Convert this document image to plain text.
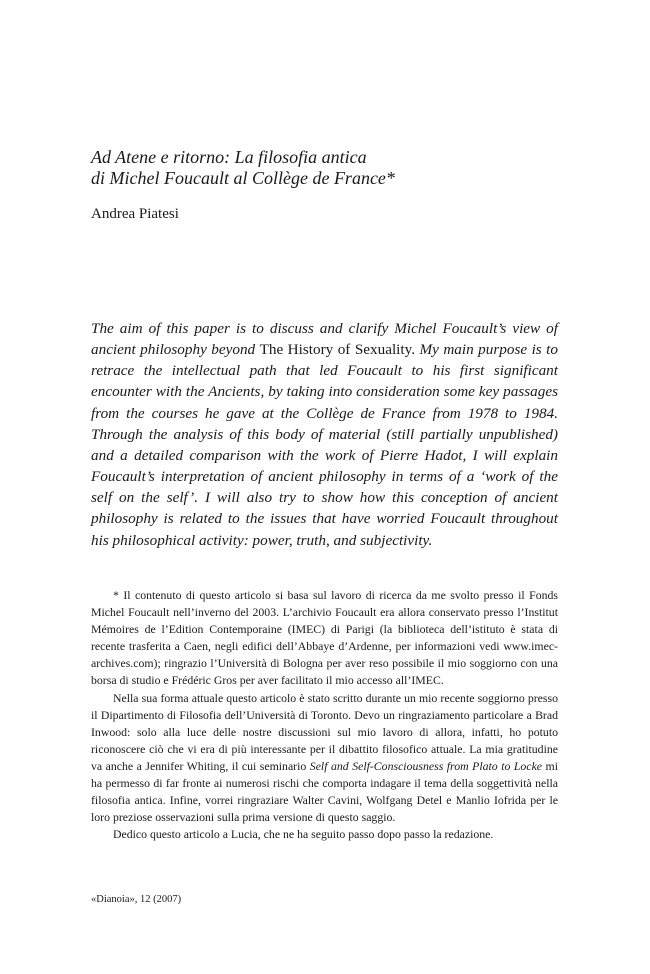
Ad Atene e ritorno: La filosofia antica
di Michel Foucault al Collège de France*
Andrea Piatesi

The aim of this paper is to discuss and clarify Michel Foucault’s view of ancient philosophy beyond The History of Sexuality. My main purpose is to retrace the intellectual path that led Foucault to his first significant encounter with the Ancients, by taking into consideration some key passages from the courses he gave at the Collège de France from 1978 to 1984. Through the analysis of this body of material (still partially unpublished) and a detailed comparison with the work of Pierre Hadot, I will explain Foucault’s interpretation of ancient philosophy in terms of a ‘work of the self on the self’. I will also try to show how this conception of ancient philosophy is related to the issues that have worried Foucault throughout his philosophical activity: power, truth, and subjectivity.

* Il contenuto di questo articolo si basa sul lavoro di ricerca da me svolto presso il Fonds Michel Foucault nell’inverno del 2003. L’archivio Foucault era allora conservato presso l’Institut Mémoires de l’Edition Contemporaine (IMEC) di Parigi (la biblioteca dell’istituto è stata di recente trasferita a Caen, negli edifici dell’Abbaye d’Ardenne, per informazioni vedi www.imec-archives.com); ringrazio l’Università di Bologna per aver reso possibile il mio soggiorno con una borsa di studio e Frédéric Gros per aver facilitato il mio accesso all’IMEC.

Nella sua forma attuale questo articolo è stato scritto durante un mio recente soggiorno presso il Dipartimento di Filosofia dell’Università di Toronto. Devo un ringraziamento particolare a Brad Inwood: solo alla luce delle nostre discussioni sul mio lavoro di allora, infatti, ho potuto riconoscere ciò che vi era di più interessante per il dibattito filosofico attuale. La mia gratitudine va anche a Jennifer Whiting, il cui seminario Self and Self-Consciousness from Plato to Locke mi ha permesso di far fronte ai numerosi rischi che comporta indagare il tema della soggettività nella filosofia antica. Infine, vorrei ringraziare Walter Cavini, Wolfgang Detel e Manlio Iofrida per le loro preziose osservazioni sulla prima versione di questo saggio.

Dedico questo articolo a Lucia, che ne ha seguito passo dopo passo la redazione.

«Dianoia», 12 (2007)
